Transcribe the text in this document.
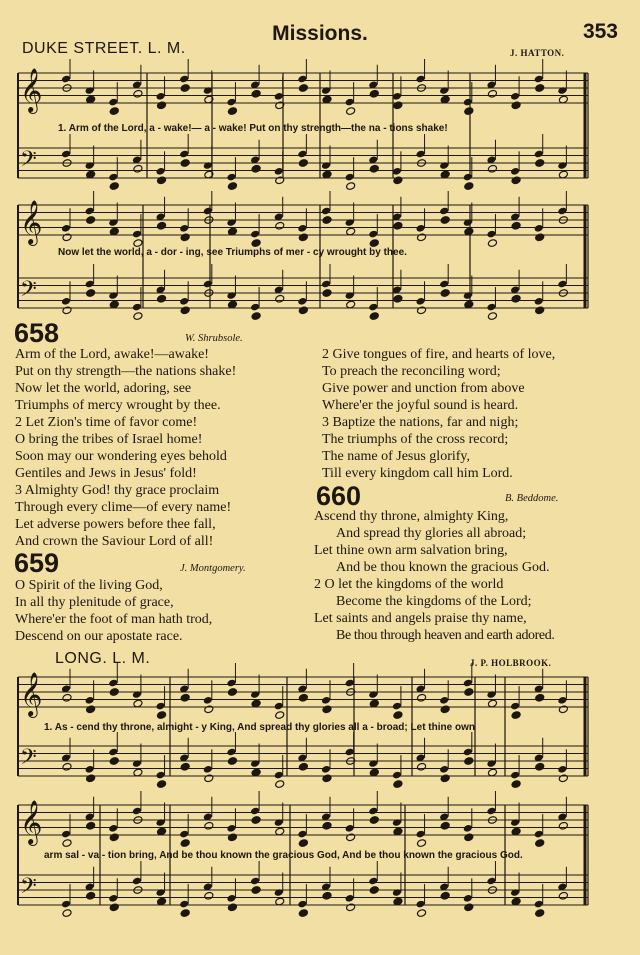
Missions.	353
DUKE STREET. L. M.	J. HATTON.
𝄞
𝄢
𝄞
𝄢
𝄞
𝄢
𝄞
𝄢
1. Arm of the Lord, a - wake!— a - wake! Put on thy strength—the na - tions shake!
Now let the world, a - dor - ing, see Triumphs of mer - cy wrought by thee.
658	W. Shrubsole.
Arm of the Lord, awake!—awake!
Put on thy strength—the nations shake!
Now let the world, adoring, see
Triumphs of mercy wrought by thee.
2 Let Zion's time of favor come!
O bring the tribes of Israel home!
Soon may our wondering eyes behold
Gentiles and Jews in Jesus' fold!
3 Almighty God! thy grace proclaim
Through every clime—of every name!
Let adverse powers before thee fall,
And crown the Saviour Lord of all!
2 Give tongues of fire, and hearts of love,
To preach the reconciling word;
Give power and unction from above
Where'er the joyful sound is heard.
3 Baptize the nations, far and nigh;
The triumphs of the cross record;
The name of Jesus glorify,
Till every kingdom call him Lord.
660	B. Beddome.
Ascend thy throne, almighty King,
And spread thy glories all abroad;
Let thine own arm salvation bring,
And be thou known the gracious God.
2 O let the kingdoms of the world
Become the kingdoms of the Lord;
Let saints and angels praise thy name,
Be thou through heaven and earth adored.
659	J. Montgomery.
O Spirit of the living God,
In all thy plenitude of grace,
Where'er the foot of man hath trod,
Descend on our apostate race.
LONG. L. M.	J. P. HOLBROOK.
1. As - cend thy throne, almight - y King, And spread thy glories all a - broad; Let thine own
arm sal - va - tion bring, And be thou known the gracious God, And be thou known the gracious God.
